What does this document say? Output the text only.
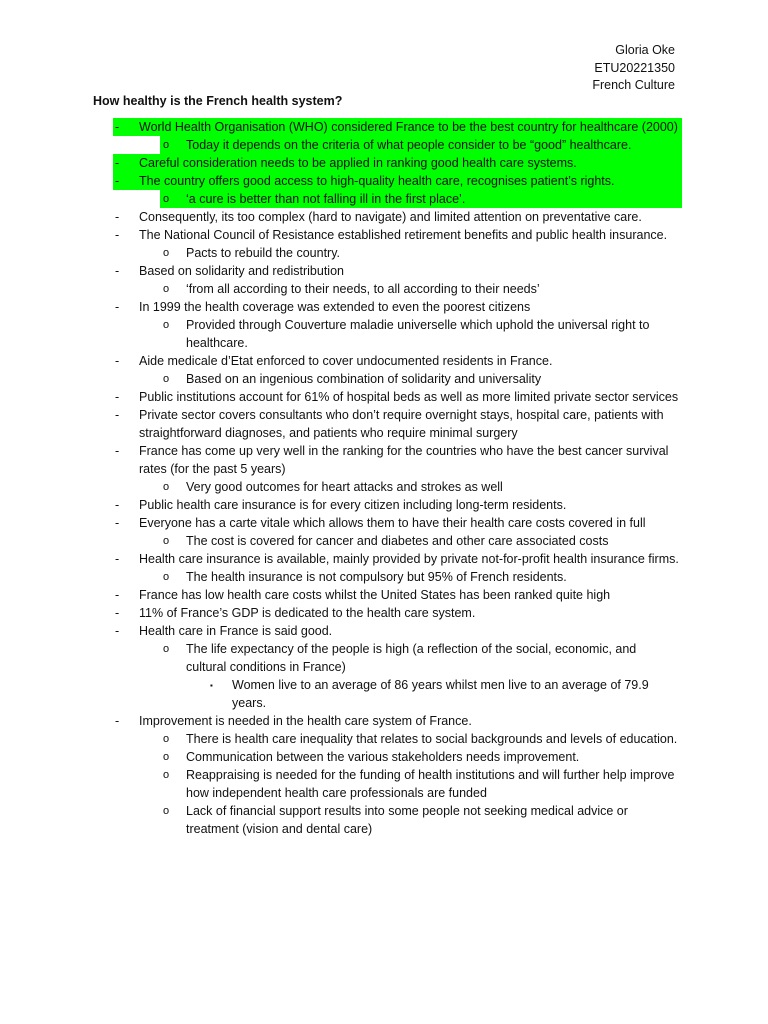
Gloria Oke
ETU20221350
French Culture
How healthy is the French health system?
- World Health Organisation (WHO) considered France to be the best country for healthcare (2000)
o Today it depends on the criteria of what people consider to be “good” healthcare.
- Careful consideration needs to be applied in ranking good health care systems.
- The country offers good access to high-quality health care, recognises patient’s rights.
o ‘a cure is better than not falling ill in the first place’.
- Consequently, its too complex (hard to navigate) and limited attention on preventative care.
- The National Council of Resistance established retirement benefits and public health insurance.
o Pacts to rebuild the country.
- Based on solidarity and redistribution
o ‘from all according to their needs, to all according to their needs’
- In 1999 the health coverage was extended to even the poorest citizens
o Provided through Couverture maladie universelle which uphold the universal right to healthcare.
- Aide medicale d’Etat enforced to cover undocumented residents in France.
o Based on an ingenious combination of solidarity and universality
- Public institutions account for 61% of hospital beds as well as more limited private sector services
- Private sector covers consultants who don’t require overnight stays, hospital care, patients with straightforward diagnoses, and patients who require minimal surgery
- France has come up very well in the ranking for the countries who have the best cancer survival rates (for the past 5 years)
o Very good outcomes for heart attacks and strokes as well
- Public health care insurance is for every citizen including long-term residents.
- Everyone has a carte vitale which allows them to have their health care costs covered in full
o The cost is covered for cancer and diabetes and other care associated costs
- Health care insurance is available, mainly provided by private not-for-profit health insurance firms.
o The health insurance is not compulsory but 95% of French residents.
- France has low health care costs whilst the United States has been ranked quite high
- 11% of France’s GDP is dedicated to the health care system.
- Health care in France is said good.
o The life expectancy of the people is high (a reflection of the social, economic, and cultural conditions in France)
▪ Women live to an average of 86 years whilst men live to an average of 79.9 years.
- Improvement is needed in the health care system of France.
o There is health care inequality that relates to social backgrounds and levels of education.
o Communication between the various stakeholders needs improvement.
o Reappraising is needed for the funding of health institutions and will further help improve how independent health care professionals are funded
o Lack of financial support results into some people not seeking medical advice or treatment (vision and dental care)
